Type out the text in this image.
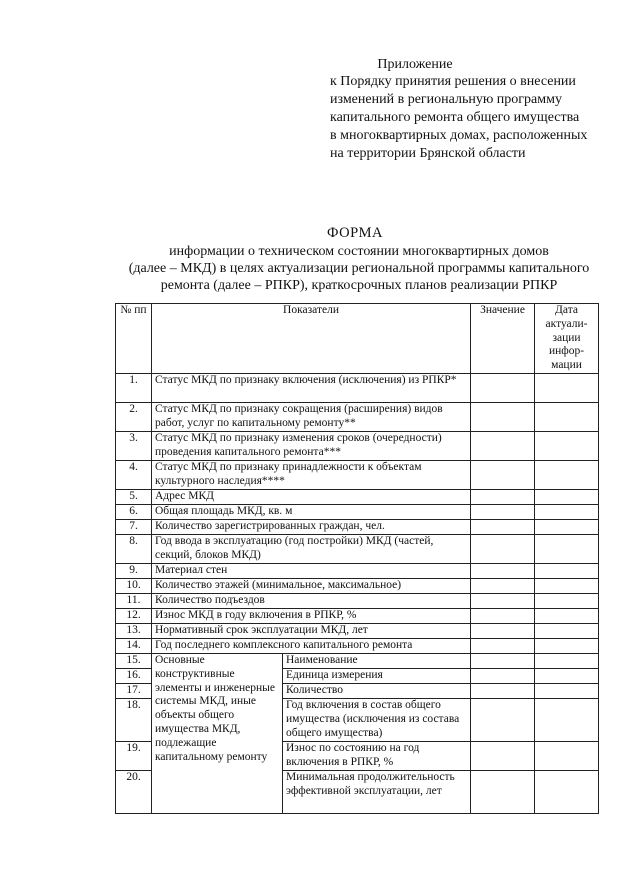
Приложение
к Порядку принятия решения о внесении
изменений в региональную программу
капитального ремонта общего имущества
в многоквартирных домах, расположенных
на территории Брянской области
ФОРМА
информации о техническом состоянии многоквартирных домов
(далее – МКД) в целях актуализации региональной программы капитального
ремонта (далее – РПКР), краткосрочных планов реализации РПКР
№ пп	Показатели		Значение	Дата актуали-зации инфор-мации
1.	Статус МКД по признаку включения (исключения) из РПКР*			
2.	Статус МКД по признаку сокращения (расширения) видов работ, услуг по капитальному ремонту**			
3.	Статус МКД по признаку изменения сроков (очередности) проведения капитального ремонта***			
4.	Статус МКД по признаку принадлежности к объектам культурного наследия****			
5.	Адрес МКД			
6.	Общая площадь МКД, кв. м			
7.	Количество зарегистрированных граждан, чел.			
8.	Год ввода в эксплуатацию (год постройки) МКД (частей, секций, блоков МКД)			
9.	Материал стен			
10.	Количество этажей (минимальное, максимальное)			
11.	Количество подъездов			
12.	Износ МКД в году включения в РПКР, %			
13.	Нормативный срок эксплуатации МКД, лет			
14.	Год последнего комплексного капитального ремонта			
15.	Основные конструктивные элементы и инженерные системы МКД, иные объекты общего имущества МКД, подлежащие капитальному ремонту	Наименование		
16.		Единица измерения		
17.		Количество		
18.		Год включения в состав общего имущества (исключения из состава общего имущества)		
19.		Износ по состоянию на год включения в РПКР, %		
20.		Минимальная продолжительность эффективной эксплуатации, лет		
